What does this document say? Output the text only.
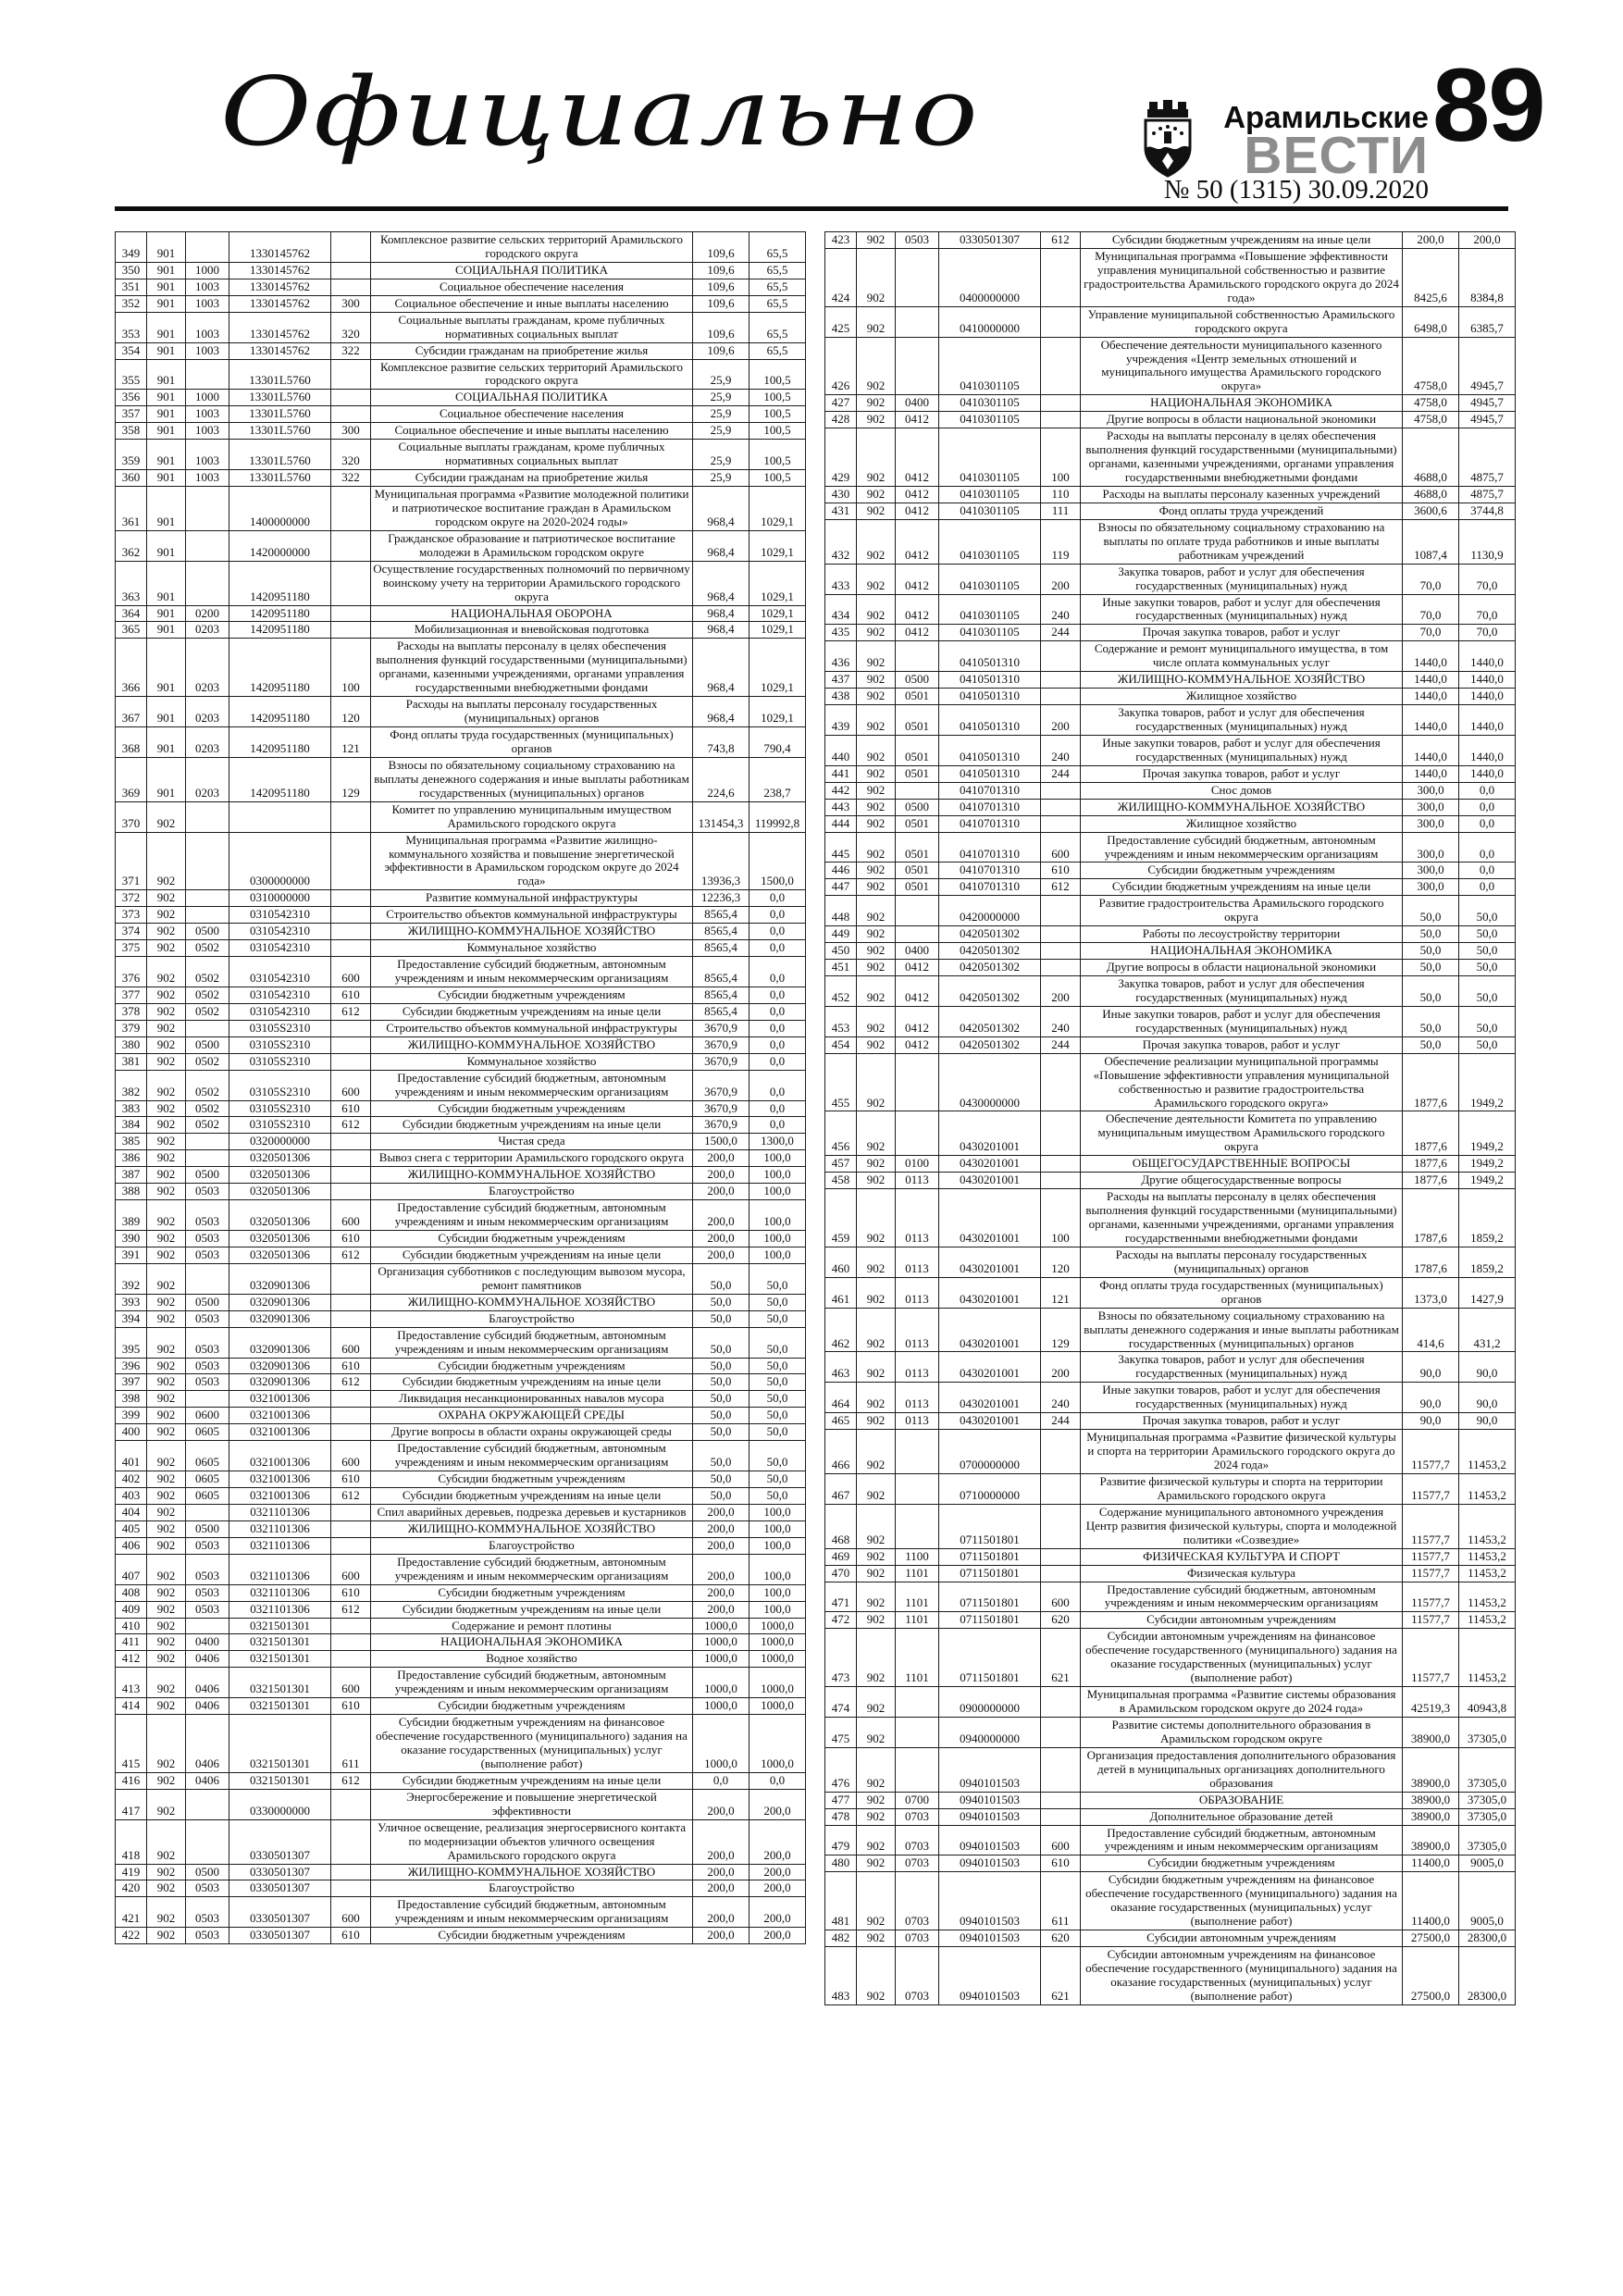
Официально	Арамильские
ВЕСТИ
№ 50 (1315) 30.09.2020
89
349	901		1330145762		Комплексное развитие сельских территорий Арамильского городского округа	109,6	65,5
350	901	1000	1330145762		СОЦИАЛЬНАЯ ПОЛИТИКА	109,6	65,5
351	901	1003	1330145762		Социальное обеспечение населения	109,6	65,5
352	901	1003	1330145762	300	Социальное обеспечение и иные выплаты населению	109,6	65,5
353	901	1003	1330145762	320	Социальные выплаты гражданам, кроме публичных нормативных социальных выплат	109,6	65,5
354	901	1003	1330145762	322	Субсидии гражданам на приобретение жилья	109,6	65,5
355	901		13301L5760		Комплексное развитие сельских территорий Арамильского городского округа	25,9	100,5
356	901	1000	13301L5760		СОЦИАЛЬНАЯ ПОЛИТИКА	25,9	100,5
357	901	1003	13301L5760		Социальное обеспечение населения	25,9	100,5
358	901	1003	13301L5760	300	Социальное обеспечение и иные выплаты населению	25,9	100,5
359	901	1003	13301L5760	320	Социальные выплаты гражданам, кроме публичных нормативных социальных выплат	25,9	100,5
360	901	1003	13301L5760	322	Субсидии гражданам на приобретение жилья	25,9	100,5
361	901		1400000000		Муниципальная программа «Развитие молодежной политики и патриотическое воспитание граждан в Арамильском городском округе на 2020-2024 годы»	968,4	1029,1
362	901		1420000000		Гражданское образование и патриотическое воспитание молодежи в Арамильском городском округе	968,4	1029,1
363	901		1420951180		Осуществление государственных полномочий по первичному воинскому учету на территории Арамильского городского округа	968,4	1029,1
364	901	0200	1420951180		НАЦИОНАЛЬНАЯ ОБОРОНА	968,4	1029,1
365	901	0203	1420951180		Мобилизационная и вневойсковая подготовка	968,4	1029,1
366	901	0203	1420951180	100	Расходы на выплаты персоналу в целях обеспечения выполнения функций государственными (муниципальными) органами, казенными учреждениями, органами управления государственными внебюджетными фондами	968,4	1029,1
367	901	0203	1420951180	120	Расходы на выплаты персоналу государственных (муниципальных) органов	968,4	1029,1
368	901	0203	1420951180	121	Фонд оплаты труда государственных (муниципальных) органов	743,8	790,4
369	901	0203	1420951180	129	Взносы по обязательному социальному страхованию на выплаты денежного содержания и иные выплаты работникам государственных (муниципальных) органов	224,6	238,7
370	902				Комитет по управлению муниципальным имуществом Арамильского городского округа	131454,3	119992,8
371	902		0300000000		Муниципальная программа «Развитие жилищно-коммунального хозяйства и повышение энергетической эффективности в Арамильском городском округе до 2024 года»	13936,3	1500,0
372	902		0310000000		Развитие коммунальной инфраструктуры	12236,3	0,0
373	902		0310542310		Строительство объектов коммунальной инфраструктуры	8565,4	0,0
374	902	0500	0310542310		ЖИЛИЩНО-КОММУНАЛЬНОЕ ХОЗЯЙСТВО	8565,4	0,0
375	902	0502	0310542310		Коммунальное хозяйство	8565,4	0,0
376	902	0502	0310542310	600	Предоставление субсидий бюджетным, автономным учреждениям и иным некоммерческим организациям	8565,4	0,0
377	902	0502	0310542310	610	Субсидии бюджетным учреждениям	8565,4	0,0
378	902	0502	0310542310	612	Субсидии бюджетным учреждениям на иные цели	8565,4	0,0
379	902		03105S2310		Строительство объектов коммунальной инфраструктуры	3670,9	0,0
380	902	0500	03105S2310		ЖИЛИЩНО-КОММУНАЛЬНОЕ ХОЗЯЙСТВО	3670,9	0,0
381	902	0502	03105S2310		Коммунальное хозяйство	3670,9	0,0
382	902	0502	03105S2310	600	Предоставление субсидий бюджетным, автономным учреждениям и иным некоммерческим организациям	3670,9	0,0
383	902	0502	03105S2310	610	Субсидии бюджетным учреждениям	3670,9	0,0
384	902	0502	03105S2310	612	Субсидии бюджетным учреждениям на иные цели	3670,9	0,0
385	902		0320000000		Чистая среда	1500,0	1300,0
386	902		0320501306		Вывоз снега с территории Арамильского городского округа	200,0	100,0
387	902	0500	0320501306		ЖИЛИЩНО-КОММУНАЛЬНОЕ ХОЗЯЙСТВО	200,0	100,0
388	902	0503	0320501306		Благоустройство	200,0	100,0
389	902	0503	0320501306	600	Предоставление субсидий бюджетным, автономным учреждениям и иным некоммерческим организациям	200,0	100,0
390	902	0503	0320501306	610	Субсидии бюджетным учреждениям	200,0	100,0
391	902	0503	0320501306	612	Субсидии бюджетным учреждениям на иные цели	200,0	100,0
392	902		0320901306		Организация субботников с последующим вывозом мусора, ремонт памятников	50,0	50,0
393	902	0500	0320901306		ЖИЛИЩНО-КОММУНАЛЬНОЕ ХОЗЯЙСТВО	50,0	50,0
394	902	0503	0320901306		Благоустройство	50,0	50,0
395	902	0503	0320901306	600	Предоставление субсидий бюджетным, автономным учреждениям и иным некоммерческим организациям	50,0	50,0
396	902	0503	0320901306	610	Субсидии бюджетным учреждениям	50,0	50,0
397	902	0503	0320901306	612	Субсидии бюджетным учреждениям на иные цели	50,0	50,0
398	902		0321001306		Ликвидация несанкционированных навалов мусора	50,0	50,0
399	902	0600	0321001306		ОХРАНА ОКРУЖАЮЩЕЙ СРЕДЫ	50,0	50,0
400	902	0605	0321001306		Другие вопросы в области охраны окружающей среды	50,0	50,0
401	902	0605	0321001306	600	Предоставление субсидий бюджетным, автономным учреждениям и иным некоммерческим организациям	50,0	50,0
402	902	0605	0321001306	610	Субсидии бюджетным учреждениям	50,0	50,0
403	902	0605	0321001306	612	Субсидии бюджетным учреждениям на иные цели	50,0	50,0
404	902		0321101306		Спил аварийных деревьев, подрезка деревьев и кустарников	200,0	100,0
405	902	0500	0321101306		ЖИЛИЩНО-КОММУНАЛЬНОЕ ХОЗЯЙСТВО	200,0	100,0
406	902	0503	0321101306		Благоустройство	200,0	100,0
407	902	0503	0321101306	600	Предоставление субсидий бюджетным, автономным учреждениям и иным некоммерческим организациям	200,0	100,0
408	902	0503	0321101306	610	Субсидии бюджетным учреждениям	200,0	100,0
409	902	0503	0321101306	612	Субсидии бюджетным учреждениям на иные цели	200,0	100,0
410	902		0321501301		Содержание и ремонт плотины	1000,0	1000,0
411	902	0400	0321501301		НАЦИОНАЛЬНАЯ ЭКОНОМИКА	1000,0	1000,0
412	902	0406	0321501301		Водное хозяйство	1000,0	1000,0
413	902	0406	0321501301	600	Предоставление субсидий бюджетным, автономным учреждениям и иным некоммерческим организациям	1000,0	1000,0
414	902	0406	0321501301	610	Субсидии бюджетным учреждениям	1000,0	1000,0
415	902	0406	0321501301	611	Субсидии бюджетным учреждениям на финансовое обеспечение государственного (муниципального) задания на оказание государственных (муниципальных) услуг (выполнение работ)	1000,0	1000,0
416	902	0406	0321501301	612	Субсидии бюджетным учреждениям на иные цели	0,0	0,0
417	902		0330000000		Энергосбережение и повышение энергетической эффективности	200,0	200,0
418	902		0330501307		Уличное освещение, реализация энергосервисного контакта по модернизации объектов уличного освещения Арамильского городского округа	200,0	200,0
419	902	0500	0330501307		ЖИЛИЩНО-КОММУНАЛЬНОЕ ХОЗЯЙСТВО	200,0	200,0
420	902	0503	0330501307		Благоустройство	200,0	200,0
421	902	0503	0330501307	600	Предоставление субсидий бюджетным, автономным учреждениям и иным некоммерческим организациям	200,0	200,0
422	902	0503	0330501307	610	Субсидии бюджетным учреждениям	200,0	200,0
423	902	0503	0330501307	612	Субсидии бюджетным учреждениям на иные цели	200,0	200,0
424	902		0400000000		Муниципальная программа «Повышение эффективности управления муниципальной собственностью и развитие градостроительства Арамильского городского округа до 2024 года»	8425,6	8384,8
425	902		0410000000		Управление муниципальной собственностью Арамильского городского округа	6498,0	6385,7
426	902		0410301105		Обеспечение деятельности муниципального казенного учреждения «Центр земельных отношений и муниципального имущества Арамильского городского округа»	4758,0	4945,7
427	902	0400	0410301105		НАЦИОНАЛЬНАЯ ЭКОНОМИКА	4758,0	4945,7
428	902	0412	0410301105		Другие вопросы в области национальной экономики	4758,0	4945,7
429	902	0412	0410301105	100	Расходы на выплаты персоналу в целях обеспечения выполнения функций государственными (муниципальными) органами, казенными учреждениями, органами управления государственными внебюджетными фондами	4688,0	4875,7
430	902	0412	0410301105	110	Расходы на выплаты персоналу казенных учреждений	4688,0	4875,7
431	902	0412	0410301105	111	Фонд оплаты труда учреждений	3600,6	3744,8
432	902	0412	0410301105	119	Взносы по обязательному социальному страхованию на выплаты по оплате труда работников и иные выплаты работникам учреждений	1087,4	1130,9
433	902	0412	0410301105	200	Закупка товаров, работ и услуг для обеспечения государственных (муниципальных) нужд	70,0	70,0
434	902	0412	0410301105	240	Иные закупки товаров, работ и услуг для обеспечения государственных (муниципальных) нужд	70,0	70,0
435	902	0412	0410301105	244	Прочая закупка товаров, работ и услуг	70,0	70,0
436	902		0410501310		Содержание и ремонт муниципального имущества, в том числе оплата коммунальных услуг	1440,0	1440,0
437	902	0500	0410501310		ЖИЛИЩНО-КОММУНАЛЬНОЕ ХОЗЯЙСТВО	1440,0	1440,0
438	902	0501	0410501310		Жилищное хозяйство	1440,0	1440,0
439	902	0501	0410501310	200	Закупка товаров, работ и услуг для обеспечения государственных (муниципальных) нужд	1440,0	1440,0
440	902	0501	0410501310	240	Иные закупки товаров, работ и услуг для обеспечения государственных (муниципальных) нужд	1440,0	1440,0
441	902	0501	0410501310	244	Прочая закупка товаров, работ и услуг	1440,0	1440,0
442	902		0410701310		Снос домов	300,0	0,0
443	902	0500	0410701310		ЖИЛИЩНО-КОММУНАЛЬНОЕ ХОЗЯЙСТВО	300,0	0,0
444	902	0501	0410701310		Жилищное хозяйство	300,0	0,0
445	902	0501	0410701310	600	Предоставление субсидий бюджетным, автономным учреждениям и иным некоммерческим организациям	300,0	0,0
446	902	0501	0410701310	610	Субсидии бюджетным учреждениям	300,0	0,0
447	902	0501	0410701310	612	Субсидии бюджетным учреждениям на иные цели	300,0	0,0
448	902		0420000000		Развитие градостроительства Арамильского городского округа	50,0	50,0
449	902		0420501302		Работы по лесоустройству территории	50,0	50,0
450	902	0400	0420501302		НАЦИОНАЛЬНАЯ ЭКОНОМИКА	50,0	50,0
451	902	0412	0420501302		Другие вопросы в области национальной экономики	50,0	50,0
452	902	0412	0420501302	200	Закупка товаров, работ и услуг для обеспечения государственных (муниципальных) нужд	50,0	50,0
453	902	0412	0420501302	240	Иные закупки товаров, работ и услуг для обеспечения государственных (муниципальных) нужд	50,0	50,0
454	902	0412	0420501302	244	Прочая закупка товаров, работ и услуг	50,0	50,0
455	902		0430000000		Обеспечение реализации муниципальной программы «Повышение эффективности управления муниципальной собственностью и развитие градостроительства Арамильского городского округа»	1877,6	1949,2
456	902		0430201001		Обеспечение деятельности Комитета по управлению муниципальным имуществом Арамильского городского округа	1877,6	1949,2
457	902	0100	0430201001		ОБЩЕГОСУДАРСТВЕННЫЕ ВОПРОСЫ	1877,6	1949,2
458	902	0113	0430201001		Другие общегосударственные вопросы	1877,6	1949,2
459	902	0113	0430201001	100	Расходы на выплаты персоналу в целях обеспечения выполнения функций государственными (муниципальными) органами, казенными учреждениями, органами управления государственными внебюджетными фондами	1787,6	1859,2
460	902	0113	0430201001	120	Расходы на выплаты персоналу государственных (муниципальных) органов	1787,6	1859,2
461	902	0113	0430201001	121	Фонд оплаты труда государственных (муниципальных) органов	1373,0	1427,9
462	902	0113	0430201001	129	Взносы по обязательному социальному страхованию на выплаты денежного содержания и иные выплаты работникам государственных (муниципальных) органов	414,6	431,2
463	902	0113	0430201001	200	Закупка товаров, работ и услуг для обеспечения государственных (муниципальных) нужд	90,0	90,0
464	902	0113	0430201001	240	Иные закупки товаров, работ и услуг для обеспечения государственных (муниципальных) нужд	90,0	90,0
465	902	0113	0430201001	244	Прочая закупка товаров, работ и услуг	90,0	90,0
466	902		0700000000		Муниципальная программа «Развитие физической культуры и спорта на территории Арамильского городского округа до 2024 года»	11577,7	11453,2
467	902		0710000000		Развитие физической культуры и спорта на территории Арамильского городского округа	11577,7	11453,2
468	902		0711501801		Содержание муниципального автономного учреждения Центр развития физической культуры, спорта и молодежной политики «Созвездие»	11577,7	11453,2
469	902	1100	0711501801		ФИЗИЧЕСКАЯ КУЛЬТУРА И СПОРТ	11577,7	11453,2
470	902	1101	0711501801		Физическая культура	11577,7	11453,2
471	902	1101	0711501801	600	Предоставление субсидий бюджетным, автономным учреждениям и иным некоммерческим организациям	11577,7	11453,2
472	902	1101	0711501801	620	Субсидии автономным учреждениям	11577,7	11453,2
473	902	1101	0711501801	621	Субсидии автономным учреждениям на финансовое обеспечение государственного (муниципального) задания на оказание государственных (муниципальных) услуг (выполнение работ)	11577,7	11453,2
474	902		0900000000		Муниципальная программа «Развитие системы образования в Арамильском городском округе до 2024 года»	42519,3	40943,8
475	902		0940000000		Развитие системы дополнительного образования в Арамильском городском округе	38900,0	37305,0
476	902		0940101503		Организация предоставления дополнительного образования детей в муниципальных организациях дополнительного образования	38900,0	37305,0
477	902	0700	0940101503		ОБРАЗОВАНИЕ	38900,0	37305,0
478	902	0703	0940101503		Дополнительное образование детей	38900,0	37305,0
479	902	0703	0940101503	600	Предоставление субсидий бюджетным, автономным учреждениям и иным некоммерческим организациям	38900,0	37305,0
480	902	0703	0940101503	610	Субсидии бюджетным учреждениям	11400,0	9005,0
481	902	0703	0940101503	611	Субсидии бюджетным учреждениям на финансовое обеспечение государственного (муниципального) задания на оказание государственных (муниципальных) услуг (выполнение работ)	11400,0	9005,0
482	902	0703	0940101503	620	Субсидии автономным учреждениям	27500,0	28300,0
483	902	0703	0940101503	621	Субсидии автономным учреждениям на финансовое обеспечение государственного (муниципального) задания на оказание государственных (муниципальных) услуг (выполнение работ)	27500,0	28300,0
